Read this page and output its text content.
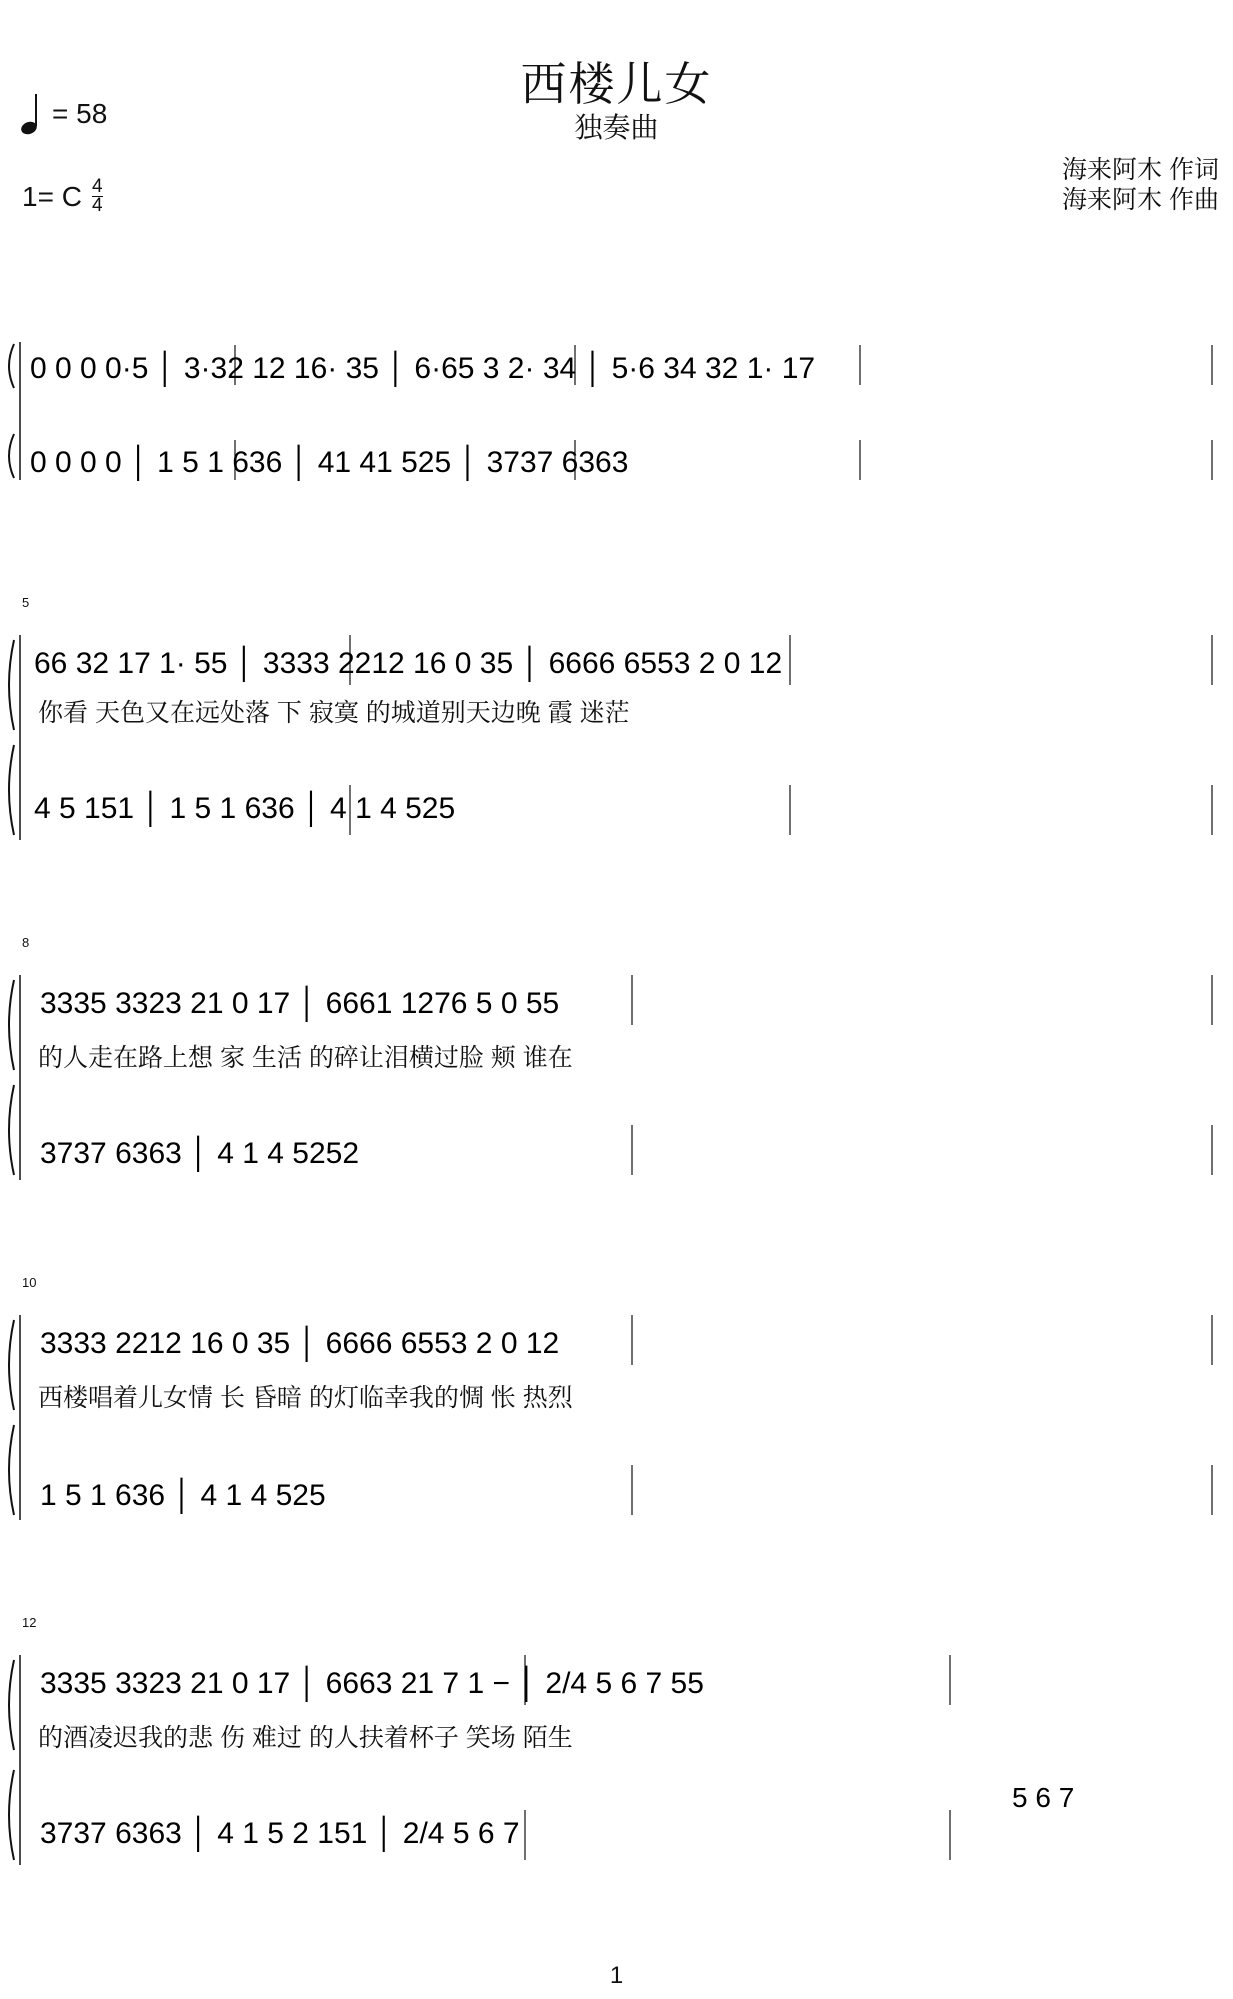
西楼儿女
独奏曲
= 58
1= C $\frac{4}{4}$
海来阿木 作词
海来阿木 作曲
0 0 0 0·5 │ 3·32 12 16· 35 │ 6·65 3 2· 34 │ 5·6 34 32 1· 17
0 0 0 0 │ 1 5 1 636 │ 41 41 525 │ 3737 6363
5
66 32 17 1· 55 │ 3333 2212 16 0 35 │ 6666 6553 2 0 12
4 5 151 │ 1 5 1 636 │ 4 1 4 525
你看 天色又在远处落 下 寂寞 的城道别天边晚 霞 迷茫
8
3335 3323 21 0 17 │ 6661 1276 5 0 55
3737 6363 │ 4 1 4 5252
的人走在路上想 家 生活 的碎让泪横过脸 颊 谁在
10
3333 2212 16 0 35 │ 6666 6553 2 0 12
1 5 1 636 │ 4 1 4 525
西楼唱着儿女情 长 昏暗 的灯临幸我的惆 怅 热烈
12
3335 3323 21 0 17 │ 6663 21 7 1 − │ 2/4 5 6 7 55
5 6 7
3737 6363 │ 4 1 5 2 151 │ 2/4 5 6 7
的酒凌迟我的悲 伤 难过 的人扶着杯子 笑场 陌生
1
